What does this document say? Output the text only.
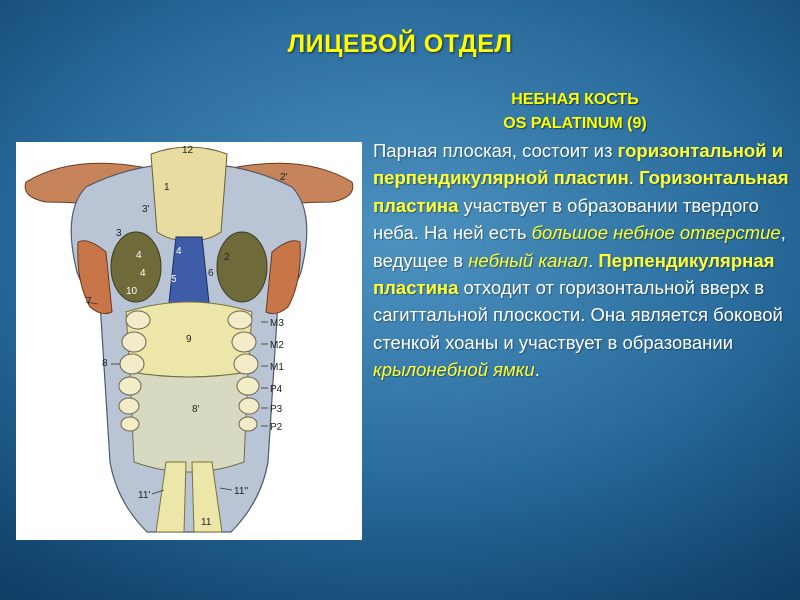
ЛИЦЕВОЙ ОТДЕЛ
НЕБНАЯ КОСТЬ
OS PALATINUM (9)
12
1
2'
3'
3
4
4
4	6
2
5
10
7
9
8
8'
M3
M2
M1
P4
P3
P2
11'	11''
11
Парная плоская, состоит из горизонтальной и перпендикулярной пластин. Горизонтальная пластина участвует в образовании твердого неба. На ней есть большое небное отверстие, ведущее в небный канал. Перпендикулярная пластина отходит от горизонтальной вверх в сагиттальной плоскости. Она является боковой стенкой хоаны и участвует в образовании крылонебной ямки.
